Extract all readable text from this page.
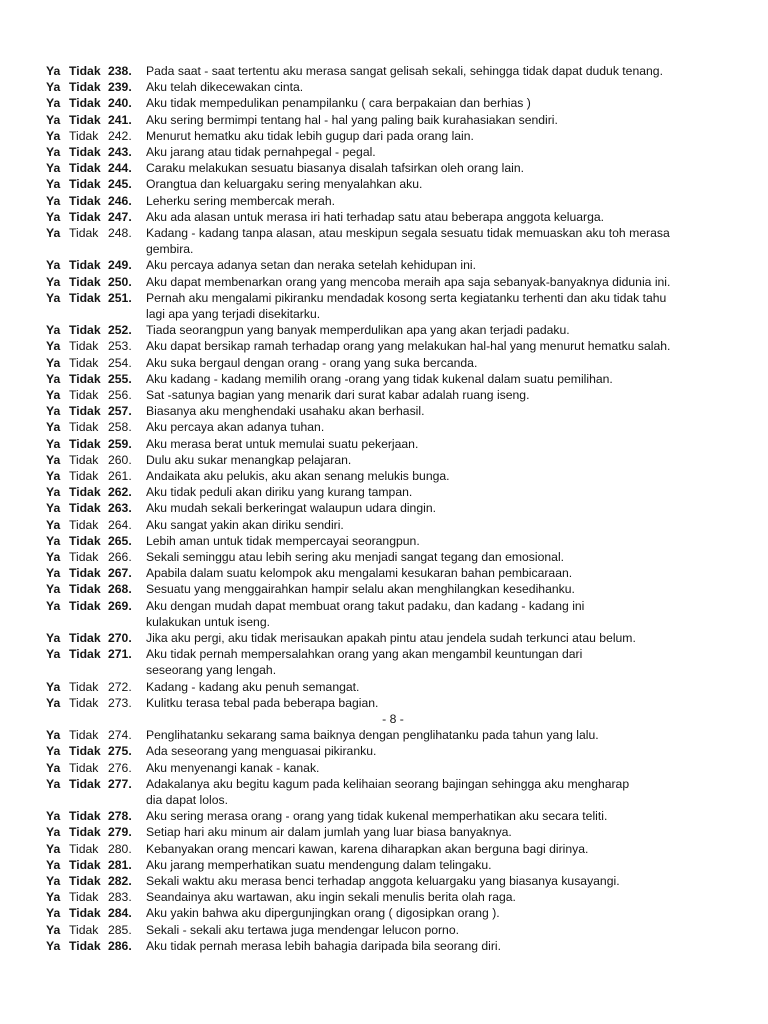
Ya Tidak 238. Pada saat - saat tertentu aku merasa sangat gelisah sekali, sehingga tidak dapat duduk tenang.
Ya Tidak 239. Aku telah dikecewakan cinta.
Ya Tidak 240. Aku tidak mempedulikan penampilanku ( cara berpakaian dan berhias )
Ya Tidak 241. Aku sering bermimpi tentang hal - hal yang paling baik kurahasiakan sendiri.
Ya Tidak 242. Menurut hematku aku tidak lebih gugup dari pada orang lain.
Ya Tidak 243. Aku jarang atau tidak pernahpegal - pegal.
Ya Tidak 244. Caraku melakukan sesuatu biasanya disalah tafsirkan oleh orang lain.
Ya Tidak 245. Orangtua dan keluargaku sering menyalahkan aku.
Ya Tidak 246. Leherku sering membercak merah.
Ya Tidak 247. Aku ada alasan untuk merasa iri hati terhadap satu atau beberapa anggota keluarga.
Ya Tidak 248. Kadang - kadang tanpa alasan, atau meskipun segala sesuatu tidak memuaskan aku toh merasa
gembira.
Ya Tidak 249. Aku percaya adanya setan dan neraka setelah kehidupan ini.
Ya Tidak 250. Aku dapat membenarkan orang yang mencoba meraih apa saja sebanyak-banyaknya didunia ini.
Ya Tidak 251. Pernah aku mengalami pikiranku mendadak kosong serta kegiatanku terhenti dan aku tidak tahu
lagi apa yang terjadi disekitarku.
Ya Tidak 252. Tiada seorangpun yang banyak memperdulikan apa yang akan terjadi padaku.
Ya Tidak 253. Aku dapat bersikap ramah terhadap orang yang melakukan hal-hal yang menurut hematku salah.
Ya Tidak 254. Aku suka bergaul dengan orang - orang yang suka bercanda.
Ya Tidak 255. Aku kadang - kadang memilih orang -orang yang tidak kukenal dalam suatu pemilihan.
Ya Tidak 256. Sat -satunya bagian yang menarik dari surat kabar adalah ruang iseng.
Ya Tidak 257. Biasanya aku menghendaki usahaku akan berhasil.
Ya Tidak 258. Aku percaya akan adanya tuhan.
Ya Tidak 259. Aku merasa berat untuk memulai suatu pekerjaan.
Ya Tidak 260. Dulu aku sukar menangkap pelajaran.
Ya Tidak 261. Andaikata aku pelukis, aku akan senang melukis bunga.
Ya Tidak 262. Aku tidak peduli akan diriku yang kurang tampan.
Ya Tidak 263. Aku mudah sekali berkeringat walaupun udara dingin.
Ya Tidak 264. Aku sangat yakin akan diriku sendiri.
Ya Tidak 265. Lebih aman untuk tidak mempercayai seorangpun.
Ya Tidak 266. Sekali seminggu atau lebih sering aku menjadi sangat tegang dan emosional.
Ya Tidak 267. Apabila dalam suatu kelompok aku mengalami kesukaran bahan pembicaraan.
Ya Tidak 268. Sesuatu yang menggairahkan hampir selalu akan menghilangkan kesedihanku.
Ya Tidak 269. Aku dengan mudah dapat membuat orang takut padaku, dan kadang - kadang ini
kulakukan untuk iseng.
Ya Tidak 270. Jika aku pergi, aku tidak merisaukan apakah pintu atau jendela sudah terkunci atau belum.
Ya Tidak 271. Aku tidak pernah mempersalahkan orang yang akan mengambil keuntungan dari
seseorang yang lengah.
Ya Tidak 272. Kadang - kadang aku penuh semangat.
Ya Tidak 273. Kulitku terasa tebal pada beberapa bagian.
Ya Tidak 274. Penglihatanku sekarang sama baiknya dengan penglihatanku pada tahun yang lalu.
Ya Tidak 275. Ada seseorang yang menguasai pikiranku.
Ya Tidak 276. Aku menyenangi kanak - kanak.
Ya Tidak 277. Adakalanya aku begitu kagum pada kelihaian seorang bajingan sehingga aku mengharap
dia dapat lolos.
Ya Tidak 278. Aku sering merasa orang - orang yang tidak kukenal memperhatikan aku secara teliti.
Ya Tidak 279. Setiap hari aku minum air dalam jumlah yang luar biasa banyaknya.
Ya Tidak 280. Kebanyakan orang mencari kawan, karena diharapkan akan berguna bagi dirinya.
Ya Tidak 281. Aku jarang memperhatikan suatu mendengung dalam telingaku.
Ya Tidak 282. Sekali waktu aku merasa benci terhadap anggota keluargaku yang biasanya kusayangi.
Ya Tidak 283. Seandainya aku wartawan, aku ingin sekali menulis berita olah raga.
Ya Tidak 284. Aku yakin bahwa aku dipergunjingkan orang ( digosipkan orang ).
Ya Tidak 285. Sekali - sekali aku tertawa juga mendengar lelucon porno.
Ya Tidak 286. Aku tidak pernah merasa lebih bahagia daripada bila seorang diri.
- 8 -
